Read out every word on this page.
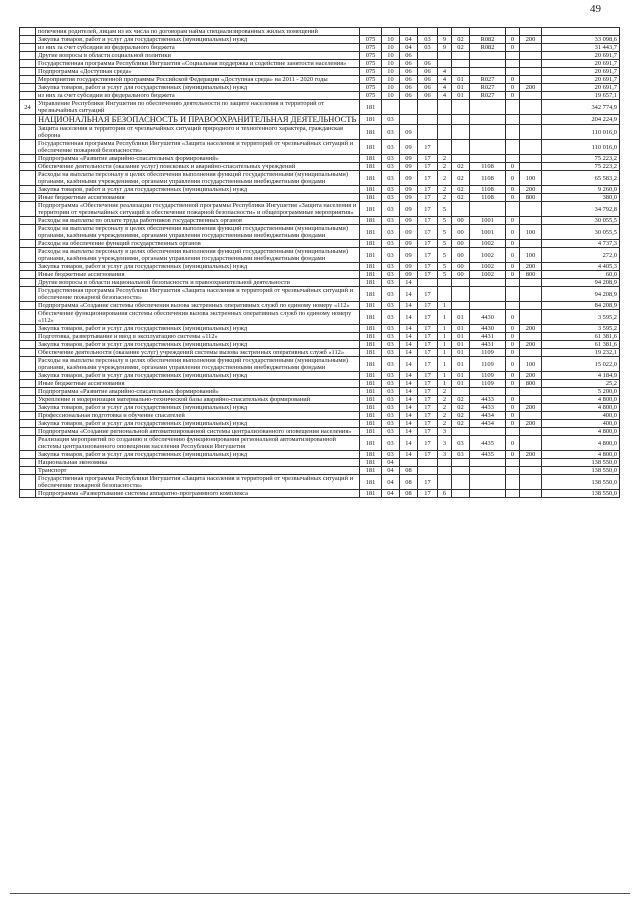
49
	попечения родителей, лицам из их числа по договорам найма специализированных жилых помещений										
	Закупка товаров, работ и услуг для государственных (муниципальных) нужд	075	10	04	03	9	02	R082	0	200	33 098,6
	из них за счет субсидии из федерального бюджета	075	10	04	03	9	02	R082	0		31 443,7
	Другие вопросы в области социальной политики	075	10	06							20 691,7
	Государственная программа Республики Ингушетия «Социальная поддержка и содействие занятости населения»	075	10	06	06						20 691,7
	Подпрограмма «Доступная среда»	075	10	06	06	4					20 691,7
	Мероприятия государственной программы Российской Федерации «Доступная среда» на 2011 - 2020 годы	075	10	06	06	4	01	R027	0		20 691,7
	Закупка товаров, работ и услуг для государственных (муниципальных) нужд	075	10	06	06	4	01	R027	0	200	20 691,7
	из них за счет субсидии из федерального бюджета	075	10	06	06	4	01	R027	0		19 657,1
24	Управление Республики Ингушетия по обеспечению деятельности по защите населения и территорий от чрезвычайных ситуаций	181									342 774,9
	НАЦИОНАЛЬНАЯ БЕЗОПАСНОСТЬ И ПРАВООХРАНИТЕЛЬНАЯ ДЕЯТЕЛЬНОСТЬ	181	03								204 224,9
	Защита населения и территории от чрезвычайных ситуаций природного и техногенного характера, гражданская оборона	181	03	09							110 016,0
	Государственная программа Республики Ингушетия «Защита населения и территорий от чрезвычайных ситуаций и обеспечение пожарной безопасности»	181	03	09	17						110 016,0
	Подпрограмма «Развитие аварийно-спасательных формирований»	181	03	09	17	2					75 223,2
	Обеспечение деятельности (оказание услуг) поисковых и аварийно-спасательных учреждений	181	03	09	17	2	02	1108	0		75 223,2
	Расходы на выплаты персоналу в целях обеспечения выполнения функций государственными (муниципальными) органами, казёнными учреждениями, органами управления государственными внебюджетными фондами	181	03	09	17	2	02	1108	0	100	65 583,2
	Закупка товаров, работ и услуг для государственных (муниципальных) нужд	181	03	09	17	2	02	1108	0	200	9 260,0
	Иные бюджетные ассигнования	181	03	09	17	2	02	1108	0	800	380,0
	Подпрограмма «Обеспечение реализации государственной программы Республики Ингушетия «Защита населения и территории от чрезвычайных ситуаций и обеспечение пожарной безопасности» и общепрограммные мероприятия»	181	03	09	17	5					34 792,8
	Расходы на выплаты по оплате труда работников государственных органов	181	03	09	17	5	00	1001	0		30 055,5
	Расходы на выплаты персоналу в целях обеспечения выполнения функций государственными (муниципальными) органами, казёнными учреждениями, органами управления государственными внебюджетными фондами	181	03	09	17	5	00	1001	0	100	30 055,5
	Расходы на обеспечение функций государственных органов	181	03	09	17	5	00	1002	0		4 737,3
	Расходы на выплаты персоналу в целях обеспечения выполнения функций государственными (муниципальными) органами, казёнными учреждениями, органами управления государственными внебюджетными фондами	181	03	09	17	5	00	1002	0	100	272,0
	Закупка товаров, работ и услуг для государственных (муниципальных) нужд	181	03	09	17	5	00	1002	0	200	4 405,3
	Иные бюджетные ассигнования	181	03	09	17	5	00	1002	0	800	60,0
	Другие вопросы в области национальной безопасности и правоохранительной деятельности	181	03	14							94 208,9
	Государственная программа Республики Ингушетия «Защита населения и территорий от чрезвычайных ситуаций и обеспечение пожарной безопасности»	181	03	14	17						94 208,9
	Подпрограмма «Создание системы обеспечения вызова экстренных оперативных служб по единому номеру «112»	181	03	14	17	1					84 208,9
	Обеспечение функционирования системы обеспечения вызова экстренных оперативных служб по единому номеру «112»	181	03	14	17	1	01	4430	0		3 595,2
	Закупка товаров, работ и услуг для государственных (муниципальных) нужд	181	03	14	17	1	01	4430	0	200	3 595,2
	Подготовка, развертывание и ввод в эксплуатацию системы «112»	181	03	14	17	1	01	4431	0		61 381,6
	Закупка товаров, работ и услуг для государственных (муниципальных) нужд	181	03	14	17	1	01	4431	0	200	61 381,6
	Обеспечение деятельности (оказание услуг) учреждений системы вызова экстренных оперативных служб «112»	181	03	14	17	1	01	1109	0		19 232,1
	Расходы на выплаты персоналу в целях обеспечения выполнения функций государственными (муниципальными) органами, казёнными учреждениями, органами управления государственными внебюджетными фондами	181	03	14	17	1	01	1109	0	100	15 022,0
	Закупка товаров, работ и услуг для государственных (муниципальных) нужд	181	03	14	17	1	01	1109	0	200	4 184,9
	Иные бюджетные ассигнования	181	03	14	17	1	01	1109	0	800	25,2
	Подпрограмма «Развитие аварийно-спасательных формирований»	181	03	14	17	2					5 200,0
	Укрепление и модернизация материально-технической базы аварийно-спасательных формирований	181	03	14	17	2	02	4433	0		4 800,0
	Закупка товаров, работ и услуг для государственных (муниципальных) нужд	181	03	14	17	2	02	4433	0	200	4 800,0
	Профессиональная подготовка и обучение спасателей	181	03	14	17	2	02	4434	0		400,0
	Закупка товаров, работ и услуг для государственных (муниципальных) нужд	181	03	14	17	2	02	4434	0	200	400,0
	Подпрограмма «Создание региональной автоматизированной системы централизованного оповещения населения»	181	03	14	17	3					4 800,0
	Реализация мероприятий по созданию и обеспечению функционирования региональной автоматизированной системы централизованного оповещения населения Республики Ингушетия	181	03	14	17	3	03	4435	0		4 800,0
	Закупка товаров, работ и услуг для государственных (муниципальных) нужд	181	03	14	17	3	03	4435	0	200	4 800,0
	Национальная экономика	181	04								138 550,0
	Транспорт	181	04	08							138 550,0
	Государственная программа Республики Ингушетия «Защита населения и территорий от чрезвычайных ситуаций и обеспечение пожарной безопасности»	181	04	08	17						138 550,0
	Подпрограмма «Развертывание системы аппаратно-программного комплекса	181	04	08	17	6					138 550,0
